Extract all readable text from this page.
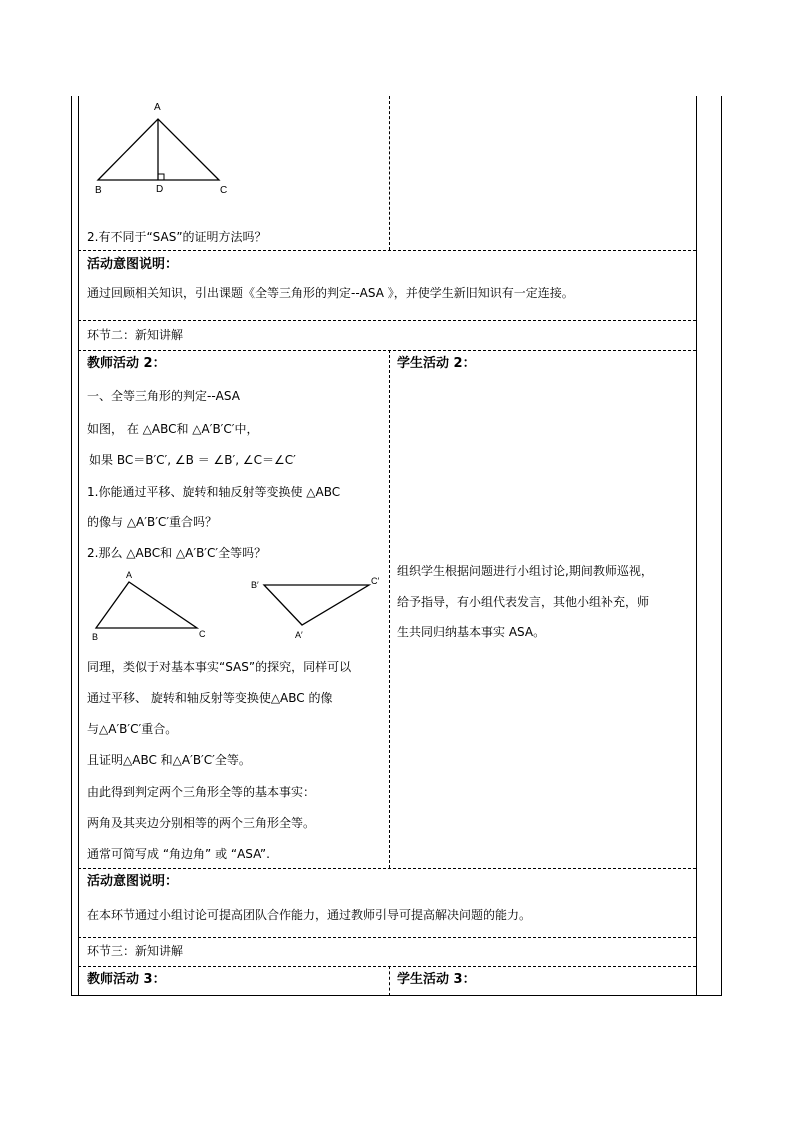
A
B	D	C
2.有不同于“SAS”的证明方法吗？
活动意图说明：
通过回顾相关知识，引出课题《全等三角形的判定--ASA 》，并使学生新旧知识有一定连接。
环节二：新知讲解
教师活动 2：
一、全等三角形的判定--ASA
如图， 在 △ABC和 △A′B′C′中，
如果 BC＝B′C′, ∠B ＝ ∠B′, ∠C＝∠C′
1.你能通过平移、旋转和轴反射等变换使 △ABC
的像与 △A′B′C′重合吗？
2.那么 △ABC和 △A′B′C′全等吗？
A
B	C
B′	C′
A′
同理，类似于对基本事实“SAS”的探究，同样可以
通过平移、 旋转和轴反射等变换使△ABC 的像
与△A′B′C′重合。
且证明△ABC 和△A′B′C′全等。
由此得到判定两个三角形全等的基本事实：
两角及其夹边分别相等的两个三角形全等。
通常可简写成 “角边角” 或 “ASA”.
学生活动 2：
组织学生根据问题进行小组讨论,期间教师巡视，
给予指导，有小组代表发言，其他小组补充，师
生共同归纳基本事实 ASA。
活动意图说明：
在本环节通过小组讨论可提高团队合作能力，通过教师引导可提高解决问题的能力。
环节三：新知讲解
教师活动 3：	学生活动 3：
